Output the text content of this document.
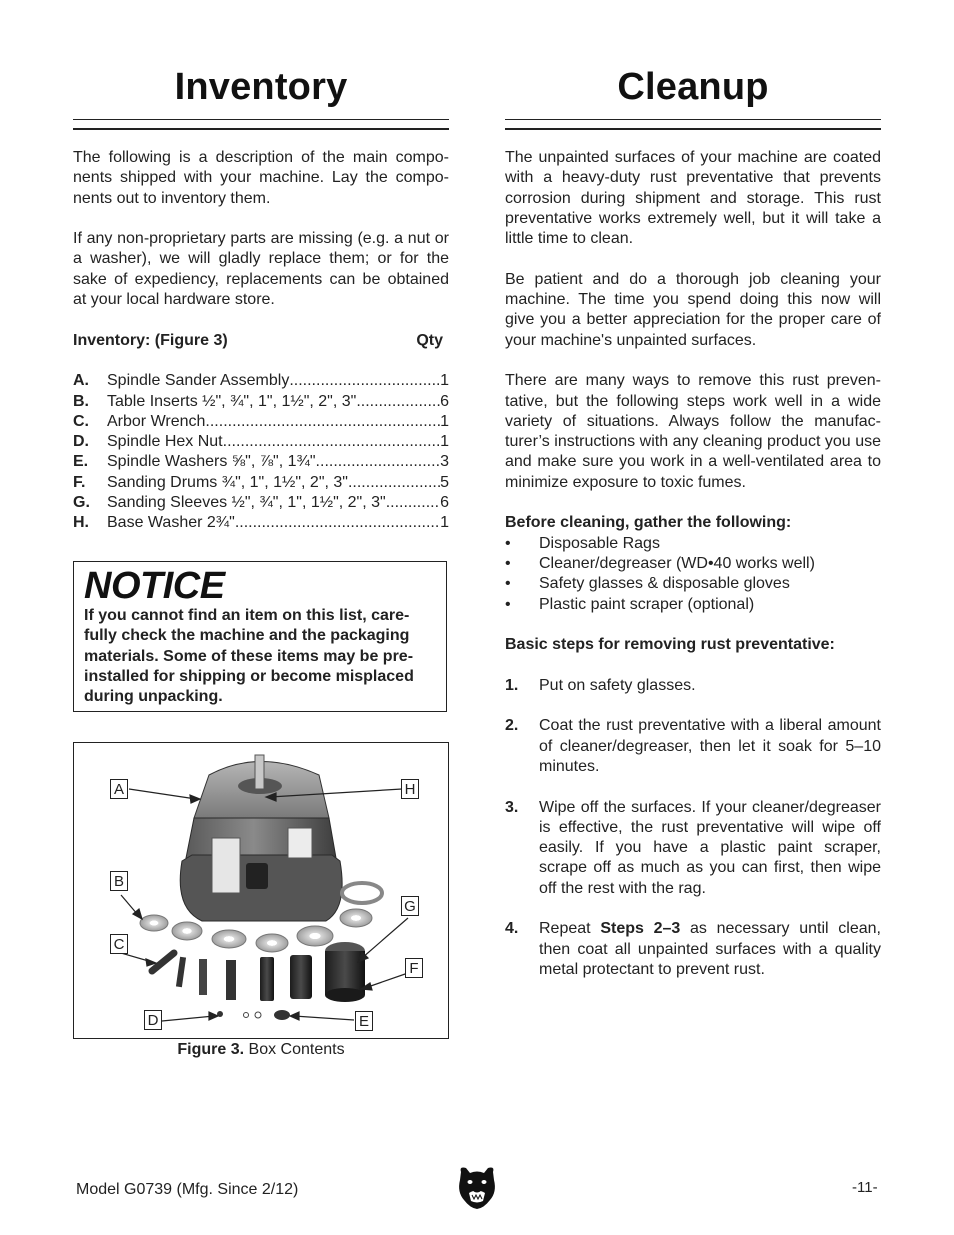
Inventory

The following is a description of the main components shipped with your machine. Lay the components out to inventory them.

If any non-proprietary parts are missing (e.g. a nut or a washer), we will gladly replace them; or for the sake of expediency, replacements can be obtained at your local hardware store.

Inventory: (Figure 3)	Qty
A.	Spindle Sander Assembly .....	1
B.	Table Inserts ½", ¾", 1", 1½", 2", 3" .....	6
C.	Arbor Wrench .....	1
D.	Spindle Hex Nut .....	1
E.	Spindle Washers ⅝", ⅞", 1¾" .....	3
F.	Sanding Drums ¾", 1", 1½", 2", 3" .....	5
G.	Sanding Sleeves ½", ¾", 1", 1½", 2", 3" .....	6
H.	Base Washer 2¾" .....	1
NOTICE
If you cannot find an item on this list, carefully check the machine and the packaging materials. Some of these items may be preinstalled for shipping or become misplaced during unpacking.
A	H
B
G
C
F
D	E
Figure 3. Box Contents
Cleanup

The unpainted surfaces of your machine are coated with a heavy-duty rust preventative that prevents corrosion during shipment and storage. This rust preventative works extremely well, but it will take a little time to clean.

Be patient and do a thorough job cleaning your machine. The time you spend doing this now will give you a better appreciation for the proper care of your machine's unpainted surfaces.

There are many ways to remove this rust preventative, but the following steps work well in a wide variety of situations. Always follow the manufacturer’s instructions with any cleaning product you use and make sure you work in a well-ventilated area to minimize exposure to toxic fumes.

Before cleaning, gather the following:
•	Disposable Rags
•	Cleaner/degreaser (WD•40 works well)
•	Safety glasses & disposable gloves
•	Plastic paint scraper (optional)
Basic steps for removing rust preventative:
1.	Put on safety glasses.
2.	Coat the rust preventative with a liberal amount of cleaner/degreaser, then let it soak for 5–10 minutes.
3.	Wipe off the surfaces. If your cleaner/degreaser is effective, the rust preventative will wipe off easily. If you have a plastic paint scraper, scrape off as much as you can first, then wipe off the rest with the rag.
4.	Repeat Steps 2–3 as necessary until clean, then coat all unpainted surfaces with a quality metal protectant to prevent rust.
Model G0739 (Mfg. Since 2/12)	-11-
